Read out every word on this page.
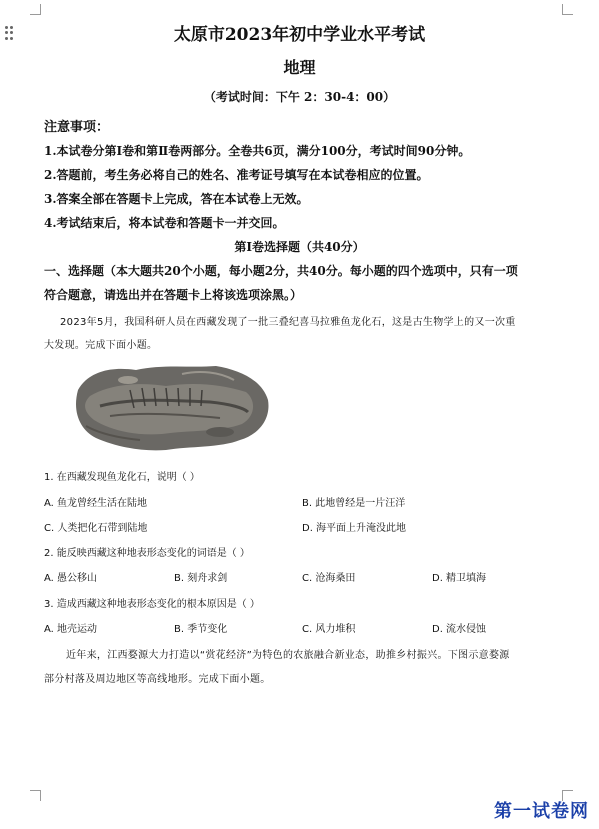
太原市2023年初中学业水平考试
地理
（考试时间：下午 2：30-4：00）
注意事项：
1.本试卷分第Ⅰ卷和第Ⅱ卷两部分。全卷共6页，满分100分，考试时间90分钟。
2.答题前，考生务必将自己的姓名、准考证号填写在本试卷相应的位置。
3.答案全部在答题卡上完成，答在本试卷上无效。
4.考试结束后，将本试卷和答题卡一并交回。
第Ⅰ卷选择题（共40分）
一、选择题（本大题共20个小题，每小题2分，共40分。每小题的四个选项中，只有一项
符合题意，请选出并在答题卡上将该选项涂黑。）
2023年5月，我国科研人员在西藏发现了一批三叠纪喜马拉雅鱼龙化石，这是古生物学上的又一次重
大发现。完成下面小题。
1. 在西藏发现鱼龙化石，说明（ ）
A. 鱼龙曾经生活在陆地	B. 此地曾经是一片汪洋
C. 人类把化石带到陆地	D. 海平面上升淹没此地
2. 能反映西藏这种地表形态变化的词语是（ ）
A. 愚公移山	B. 刻舟求剑	C. 沧海桑田	D. 精卫填海
3. 造成西藏这种地表形态变化的根本原因是（ ）
A. 地壳运动	B. 季节变化	C. 风力堆积	D. 流水侵蚀
近年来，江西婺源大力打造以“赏花经济”为特色的农旅融合新业态，助推乡村振兴。下图示意婺源
部分村落及周边地区等高线地形。完成下面小题。
第一试卷网
